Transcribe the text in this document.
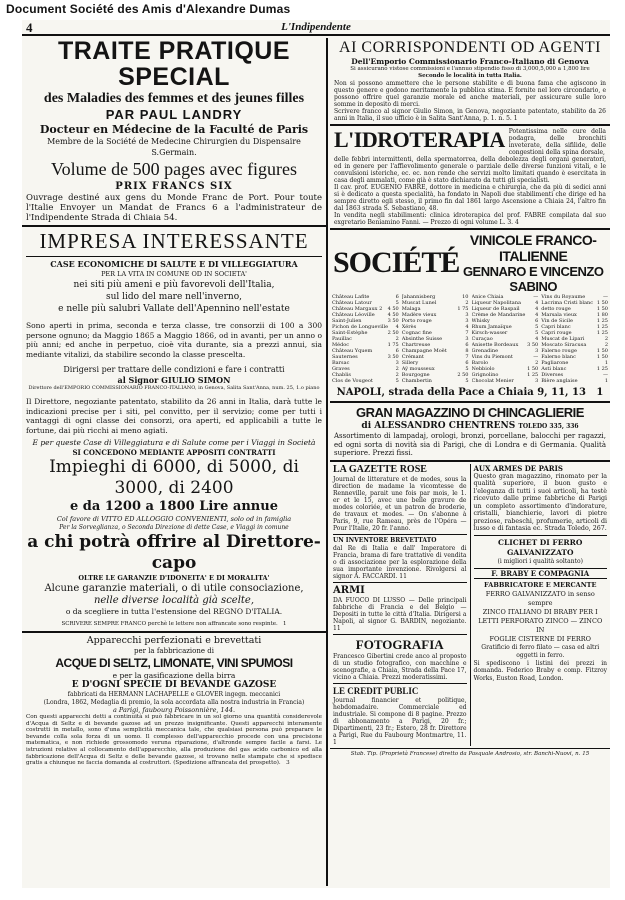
Document Société des Amis d'Alexandre Dumas
4	L'Indipendente
TRAITE PRATIQUE SPECIAL
des Maladies des femmes et des jeunes filles
PAR PAUL LANDRY
Docteur en Médecine de la Faculté de Paris
Membre de la Société de Medecine Chirurgien du Dispensaire S.Germain.
Volume de 500 pages avec figures
PRIX FRANCS SIX
Ouvrage destiné aux gens du Monde Franc de Port. Pour toute l'Italie Envoyer un Mandat de Francs 6 a l'administrateur de l'Indipendente Strada di Chiaia 54.
IMPRESA INTERESSANTE
CASE ECONOMICHE DI SALUTE E DI VILLEGGIATURA
PER LA VITA IN COMUNE OD IN SOCIETA'
nei siti più ameni e più favorevoli dell'Italia,
sul lido del mare nell'inverno,
e nelle più salubri Vallate dell'Apennino nell'estate
Sono aperti in prima, seconda e terza classe, tre consorzii di 100 a 300 persone ognuno; da Maggio 1865 a Maggio 1866, od in avanti, per un anno o più anni; ed anche in perpetuo, cioè vita durante, sia a prezzi annui, sia mediante vitalizi, da stabilire secondo la classe prescelta.
Dirigersi per trattare delle condizioni e fare i contratti
al Signor GIULIO SIMON
Direttore dell'EMPORIO COMMISSIONARIO FRANCO-ITALIANO, in Genova, Salita Sant'Anna, num. 25, 1.o piano
Il Direttore, negoziante patentato, stabilito da 26 anni in Italia, darà tutte le indicazioni precise per i siti, pel convitto, per il servizio; come per tutti i vantaggi di ogni classe dei consorzi, ora aperti, ed applicabili a tutte le fortune, dai più ricchi ai meno agiati.
E per queste Case di Villeggiatura e di Salute come per i Viaggi in Società
SI CONCEDONO MEDIANTE APPOSITI CONTRATTI
Impieghi di 6000, di 5000, di 3000, di 2400
e da 1200 a 1800 Lire annue
Col favore di VITTO ED ALLOGGIO CONVENIENTI, solo od in famiglia
Per la Sorveglianza, o Seconda Direzione di dette Case, e Viaggi in comune
a chi potrà offrire al Direttore-capo
OLTRE LE GARANZIE D'IDONEITA' E DI MORALITA'
Alcune garanzie materiali, o di utile consociazione,
nelle diverse località già scelte,
o da scegliere in tutta l'estensione del REGNO D'ITALIA.
SCRIVERE SEMPRE FRANCO perchè le lettere non affrancate sono respinte. 1
Apparecchi perfezionati e brevettati
per la fabbricazione di
ACQUE DI SELTZ, LIMONATE, VINI SPUMOSI
e per la gasificazione della birra
E D'OGNI SPECIE DI BEVANDE GAZOSE
fabbricati da HERMANN LACHAPELLE e GLOVER ingegn. meccanici
(Londra, 1862, Medaglia di premio, la sola accordata alla nostra industria in Francia)
a Parigi, faubourg Poissonnière, 144.
Con questi apparecchi detti a continuità si può fabbricare in un sol giorno una quantità considerevole d'Acqua di Seltz e di bevande gazose ad un prezzo insignificante. Questi apparecchi interamente costrutti in metallo, sono d'una semplicità meccanica tale, che qualsiasi persona può preparare le bevande colla sola forza di un uomo. Il complesso dell'apparecchio procede con una precisione matematica, e non richiede grossomodo veruna riparazione, d'altronde sempre facile a farsi. Le istruzioni relative al collocamento dell'apparecchio, alla produzione del gas acido carbonico ed alla fabbricazione dell'Acqua di Seltz e delle bevande gazose, si trovano nelle stampate che si spedisce gratis a chiunque ne faccia domanda al costruttori. (Spedizione affrancata del prospetto). 3
AI CORRISPONDENTI OD AGENTI
Dell'Emporio Commissionario Franco-Italiano di Genova
Si assicurano vistose commissioni e l'annuo stipendio fisso di 3,000,5,000 a 1,800 lire
Secondo le località in tutta Italia.
Non si possono ammettere che le persone stabilite e di buona fama che agiscono in questo genere e godono meritamente la pubblica stima. E fornite nel loro circondario, e possono offrire quel garanzie morale ed anche materiali, per assicurare sulle loro somme in deposito di merci.
Scrivere franco al signor Giulio Simon, in Genova, negoziante patentato, stabilito da 26 anni in Italia, il suo ufficio è in Salita Sant'Anna, p. 1. n. 5. 1
L'IDROTERAPIA Potentissima nelle cure della podagra, delle bronchiti inveterate, della sifilide, delle congestioni della spina dorsale,
delle febbri intermittenti, della spermatorrea, della debolezza degli organi generatori, ed in genere per l'affievolimento generale o parziale delle diverse funzioni vitali, e le convulsioni isteriche, ec. ec. non rende che servizi molto limitati quando è esercitata in casa degli ammalati, come già è stato dichiarato da tutti gli specialisti.
Il cav. prof. EUGENIO FABRE, dottore in medicina e chirurgia, che da più di sedici anni si è dedicato a questa specialità, ha fondato in Napoli due stabilimenti che dirige ed ha sempre diretto egli stesso, il primo fin dal 1861 largo Ascensione a Chiaia 24, l'altro fin dal 1863 strada S. Sebastiano, 48.
In vendita negli stabilimenti: clinica idroterapica del prof. FABRE compilata dal suo exgretario Beniamino Fanni. — Prezzo di ogni volume L. 3. 4
SOCIÉTÉ
VINICOLE FRANCO-ITALIENNE
GENNARO E VINCENZO SABINO
Château Lafite	6 Jahannisberg	10 Anice Chiaia	— Vins du Royaume	—
Château Latour	5 Muscat Lunel	2 Liqueur Napolitana	4 Lacrima Cristi blanc 1 50
Château Margaux 2 4 50 Malaga	1 75 Liqueur de Raspail	4 detto rouge	1 50
Château Léoville	4 50 Madère vieux	3 Crème de Mandarine 4 Marsala vieux	1 80
Saint-Julien	3 50 Porto rouge	3 Whisky	6 Vin de Sicile	1 25
Pichon de Longueville 4 Xérès	4 Rhum Jamaïque	5 Capri blanc	1 25
Saint-Estèphe	2 50 Cognac fine	7 Kirsch-wasser	5 Capri rouge	1 25
Pauillac	2 Absinthe Suisse	3 Curaçao	4 Muscat de Lipari	2
Médoc	1 75 Chartreuse	6 Anisette Bordeaux 3 50 Moscato Siracusa	2
Château Yquem	6 Champagne Moët	8 Grenadine	3 Falerno rouge	1 50
Sauternes	3 50 Crémant	7 Vins du Piemont	— Falerno blanc	1 50
Barsac	3 Sillery	6 Barolo	2 Pagliarone	1
Graves	2 Aÿ mousseux	5 Nebbiolo	1 50 Asti blanc	1 25
Chablis	2 Bourgogne	2 50 Grignolino	1 25 Diverses	—
Clos de Vougeot	5 Chambertin	5 Chocolat Menier	3 Bière anglaise	1
NAPOLI, strada della Pace a Chiaia 9, 11, 13 1
GRAN MAGAZZINO DI CHINCAGLIERIE
di ALESSANDRO CHENTRENS TOLEDO 335, 336
Assortimento di lampadaj, orologi, bronzi, porcellane, balocchi per ragazzi, ed ogni sorta di novità sia di Parigi, che di Londra e di Germania. Qualità superiore. Prezzi fissi.
LA GAZETTE ROSE
Journal de litterature et de modes, sous la direction de madame la vicomtesse de Renneville, parait une fois par mois, le 1. er et le 15, avec une belle gravure de modes coloriée, et un patron de broderie, de travaux et modes. — On s'abonne à Paris, 9, rue Rameau, près de l'Opéra — Pour l'Italie, 20 fr. l'anno.
UN INVENTORE BREVETTATO
dal Re di Italia e dall' Imperatore di Francia, brama di fare trattative di vendita o di associazione per la esplorazione della sua importante invenzione. Rivolgersi al signor A. FACCARDI. 11
ARMI
DA FUOCO DI LUSSO — Delle principali fabbriche di Francia e del Belgio — Depositi in tutte le città d'Italia. Dirigersi a Napoli, al signor G. BARDIN, negoziante. 11
FOTOGRAFIA
Francesco Gibertini crede anco al proposto di un studio fotografico, con macchine e scenografie, a Chiaia, Strada della Pace 17, vicino a Chiaia. Prezzi moderatissimi.
LE CREDIT PUBLIC
Journal financier et politique, hebdomadaire. Commerciale ed industriale. Si compone di 8 pagine. Prezzo di abbonamento a Parigi, 20 fr.; Dipartimenti, 23 fr.; Estero, 28 fr. Direttore a Parigi, Rue du Faubourg Montmartre, 11. 1
AUX ARMES DE PARIS
Questo gran magazzino, rinomato per la qualità superiore, il buon gusto e l'eleganza di tutti i suoi articoli, ha testè ricevuto dalle prime fabbriche di Parigi un completo assortimento d'indorature, cristalli, bianchierie, lavori di pietre preziose, rabeschi, profumerie, articoli di lusso e di fantasia ec. Strada Toledo, 267.
CLICHET DI FERRO GALVANIZZATO
(i migliori i qualità soltanto)
F. BRABY E COMPAGNIA
FABBRICATORE E MERCANTE
FERRO GALVANIZZATO in senso sempre
ZINCO ITALIANO DI BRABY PER I
LETTI PERFORATO ZINCO — ZINCO IN
FOGLIE CISTERNE DI FERRO
Gratificio di ferro filato — casa ed altri oggetti in ferro.
Si spediscono i listini dei prezzi in domanda. Federico Braby e comp. Fitzroy Works, Euston Road, London.
Stab. Tip. (Proprietà Francese) diretto da Pasquale Androsio, str. Banchi-Nuovi, n. 15
